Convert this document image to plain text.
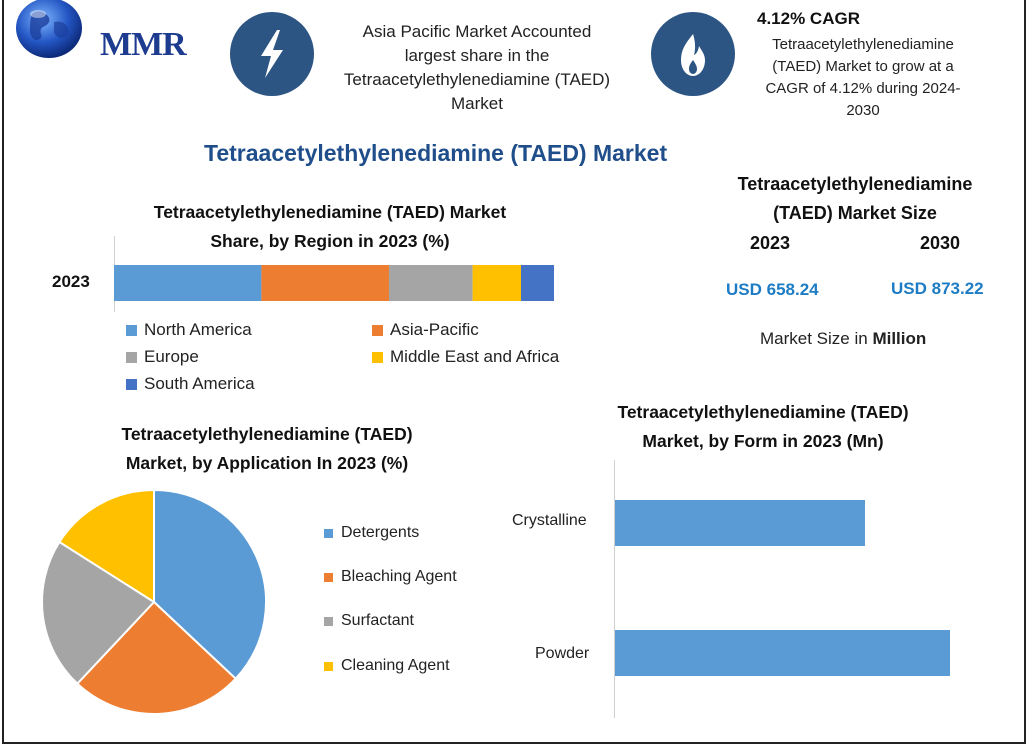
MMR	Asia Pacific Market Accounted
largest share in the
Tetraacetylethylenediamine (TAED)
Market
4.12% CAGR
Tetraacetylethylenediamine
(TAED) Market to grow at a
CAGR of 4.12% during 2024-
2030
Tetraacetylethylenediamine (TAED) Market
Tetraacetylethylenediamine (TAED) Market
Share, by Region in 2023 (%)
2023
North America	Asia-Pacific
Europe	Middle East and Africa
South America
Tetraacetylethylenediamine
(TAED) Market Size
2023	2030
USD 658.24	USD 873.22
Market Size in Million
Tetraacetylethylenediamine (TAED)
Market, by Application In 2023 (%)
Detergents
Bleaching Agent
Surfactant
Cleaning Agent
Tetraacetylethylenediamine (TAED)
Market, by Form in 2023 (Mn)
Crystalline
Powder
